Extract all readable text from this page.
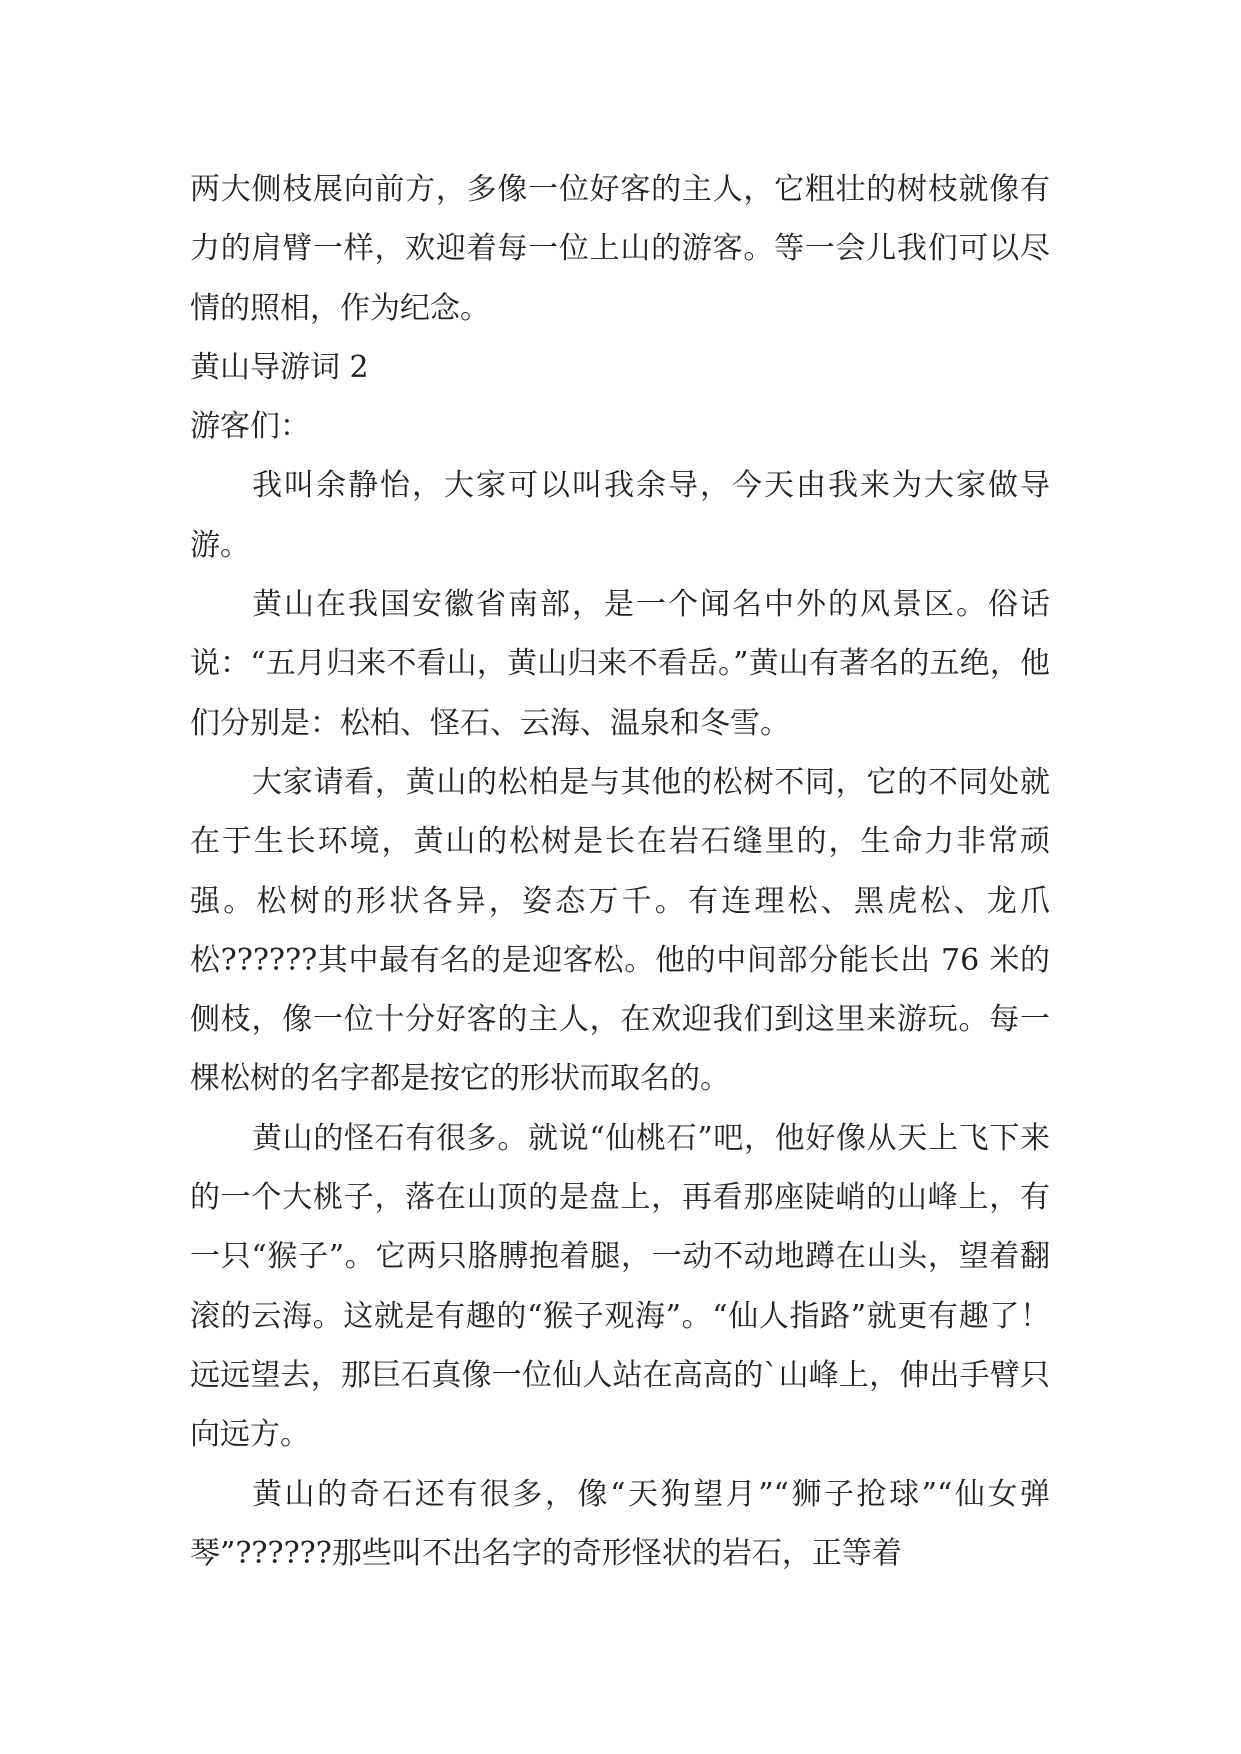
两大侧枝展向前方，多像一位好客的主人，它粗壮的树枝就像有力的肩臂一样，欢迎着每一位上山的游客。等一会儿我们可以尽情的照相，作为纪念。

黄山导游词 2

游客们：

我叫余静怡，大家可以叫我余导，今天由我来为大家做导游。

黄山在我国安徽省南部，是一个闻名中外的风景区。俗话说：“五月归来不看山，黄山归来不看岳。”黄山有著名的五绝，他们分别是：松柏、怪石、云海、温泉和冬雪。

大家请看，黄山的松柏是与其他的松树不同，它的不同处就在于生长环境，黄山的松树是长在岩石缝里的，生命力非常顽强。松树的形状各异，姿态万千。有连理松、黑虎松、龙爪松??????其中最有名的是迎客松。他的中间部分能长出 76 米的侧枝，像一位十分好客的主人，在欢迎我们到这里来游玩。每一棵松树的名字都是按它的形状而取名的。

黄山的怪石有很多。就说“仙桃石”吧，他好像从天上飞下来的一个大桃子，落在山顶的是盘上，再看那座陡峭的山峰上，有一只“猴子”。它两只胳膊抱着腿，一动不动地蹲在山头，望着翻滚的云海。这就是有趣的“猴子观海”。“仙人指路”就更有趣了！远远望去，那巨石真像一位仙人站在高高的`山峰上，伸出手臂只向远方。

黄山的奇石还有很多，像“天狗望月”“狮子抢球”“仙女弹琴”??????那些叫不出名字的奇形怪状的岩石，正等着
